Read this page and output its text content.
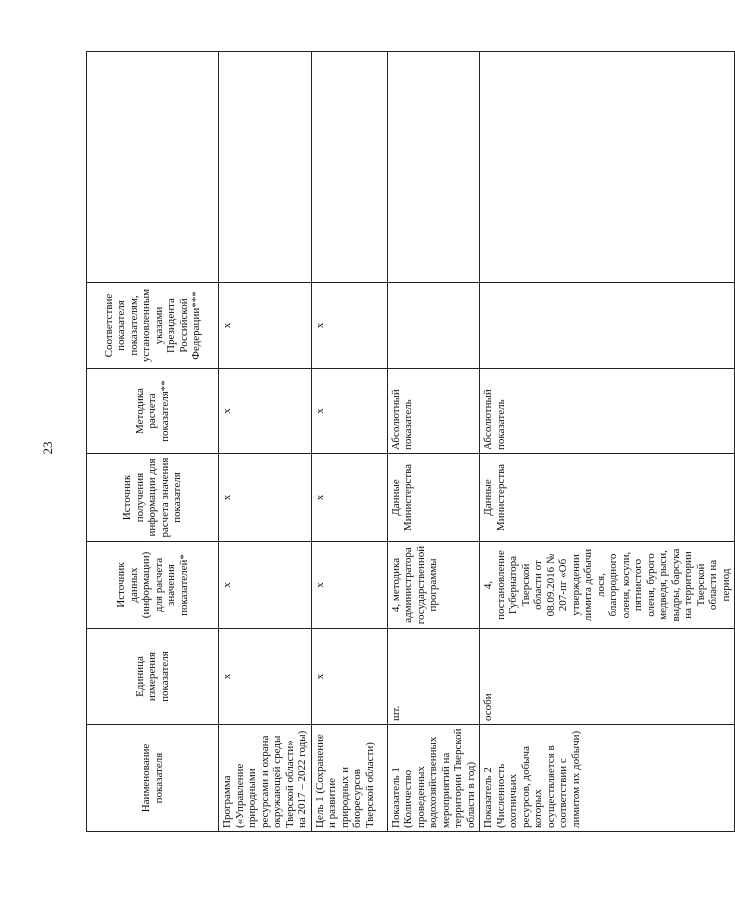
23
Наименование показателя	Единица измерения показателя	Источник данных (информации) для расчета значения показателей*	Источник получения информации для расчета значения показателя	Методика расчета показателя**	Соответствие показателя показателям, установленным указами Президента Российской Федерации***	
Программа («Управление природными ресурсами и охрана окружающей среды Тверской области» на 2017 – 2022 годы)	х	х	х	х	х	
Цель 1 (Сохранение и развитие природных и биоресурсов Тверской области)	х	х	х	х	х	
Показатель 1 (Количество проведенных водохозяйственных мероприятий на территории Тверской области в год)	шт.	4, методика администратора государственной программы	Данные Министерства	Абсолютный показатель		
Показатель 2 (Численность охотничьих ресурсов, добыча которых осуществляется в соответствии с лимитом их добычи)	особи	4, постановление Губернатора Тверской области от 08.09.2016 № 207-пг «Об утверждении лимита добычи лося, благородного оленя, косули, пятнистого оленя, бурого медведя, рыси, выдры, барсука на территории Тверской области на период	Данные Министерства	Абсолютный показатель		
